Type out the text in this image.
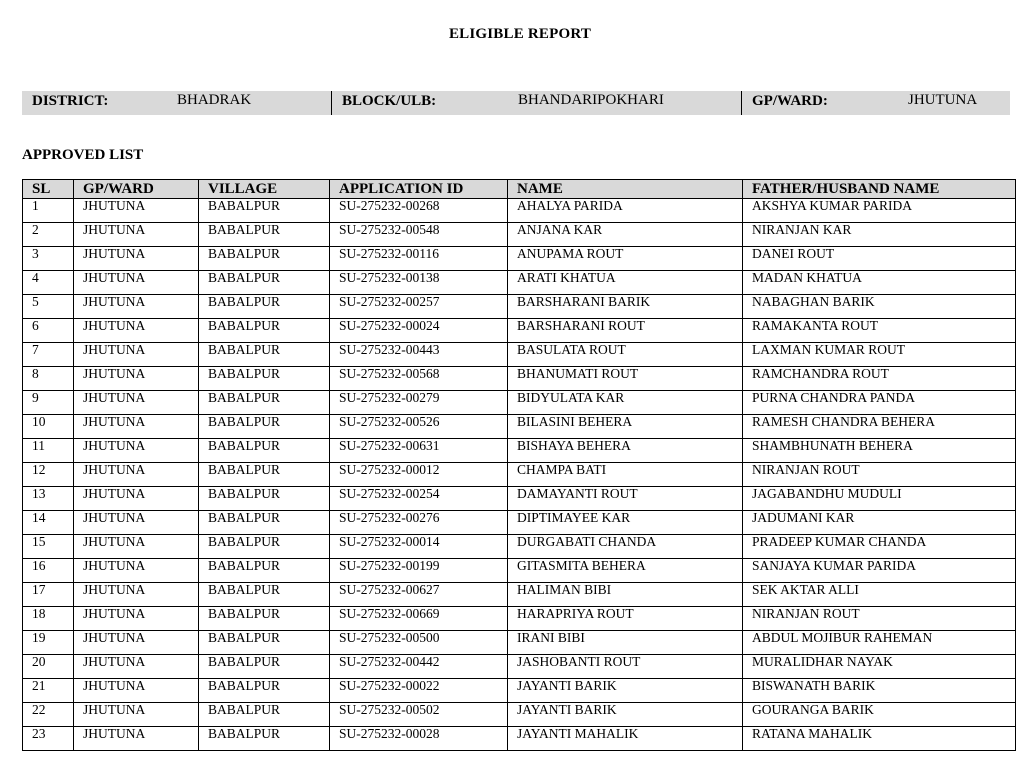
ELIGIBLE REPORT
DISTRICT:	BHADRAK	BLOCK/ULB:	BHANDARIPOKHARI	GP/WARD:	JHUTUNA
APPROVED LIST
SL	GP/WARD	VILLAGE	APPLICATION ID	NAME	FATHER/HUSBAND NAME
1	JHUTUNA	BABALPUR	SU-275232-00268	AHALYA PARIDA	AKSHYA KUMAR PARIDA
2	JHUTUNA	BABALPUR	SU-275232-00548	ANJANA KAR	NIRANJAN KAR
3	JHUTUNA	BABALPUR	SU-275232-00116	ANUPAMA ROUT	DANEI ROUT
4	JHUTUNA	BABALPUR	SU-275232-00138	ARATI KHATUA	MADAN KHATUA
5	JHUTUNA	BABALPUR	SU-275232-00257	BARSHARANI BARIK	NABAGHAN BARIK
6	JHUTUNA	BABALPUR	SU-275232-00024	BARSHARANI ROUT	RAMAKANTA ROUT
7	JHUTUNA	BABALPUR	SU-275232-00443	BASULATA ROUT	LAXMAN KUMAR ROUT
8	JHUTUNA	BABALPUR	SU-275232-00568	BHANUMATI ROUT	RAMCHANDRA ROUT
9	JHUTUNA	BABALPUR	SU-275232-00279	BIDYULATA KAR	PURNA CHANDRA PANDA
10	JHUTUNA	BABALPUR	SU-275232-00526	BILASINI BEHERA	RAMESH CHANDRA BEHERA
11	JHUTUNA	BABALPUR	SU-275232-00631	BISHAYA BEHERA	SHAMBHUNATH BEHERA
12	JHUTUNA	BABALPUR	SU-275232-00012	CHAMPA BATI	NIRANJAN ROUT
13	JHUTUNA	BABALPUR	SU-275232-00254	DAMAYANTI ROUT	JAGABANDHU MUDULI
14	JHUTUNA	BABALPUR	SU-275232-00276	DIPTIMAYEE KAR	JADUMANI KAR
15	JHUTUNA	BABALPUR	SU-275232-00014	DURGABATI CHANDA	PRADEEP KUMAR CHANDA
16	JHUTUNA	BABALPUR	SU-275232-00199	GITASMITA BEHERA	SANJAYA KUMAR PARIDA
17	JHUTUNA	BABALPUR	SU-275232-00627	HALIMAN BIBI	SEK AKTAR ALLI
18	JHUTUNA	BABALPUR	SU-275232-00669	HARAPRIYA ROUT	NIRANJAN ROUT
19	JHUTUNA	BABALPUR	SU-275232-00500	IRANI BIBI	ABDUL MOJIBUR RAHEMAN
20	JHUTUNA	BABALPUR	SU-275232-00442	JASHOBANTI ROUT	MURALIDHAR NAYAK
21	JHUTUNA	BABALPUR	SU-275232-00022	JAYANTI BARIK	BISWANATH BARIK
22	JHUTUNA	BABALPUR	SU-275232-00502	JAYANTI BARIK	GOURANGA BARIK
23	JHUTUNA	BABALPUR	SU-275232-00028	JAYANTI MAHALIK	RATANA MAHALIK
